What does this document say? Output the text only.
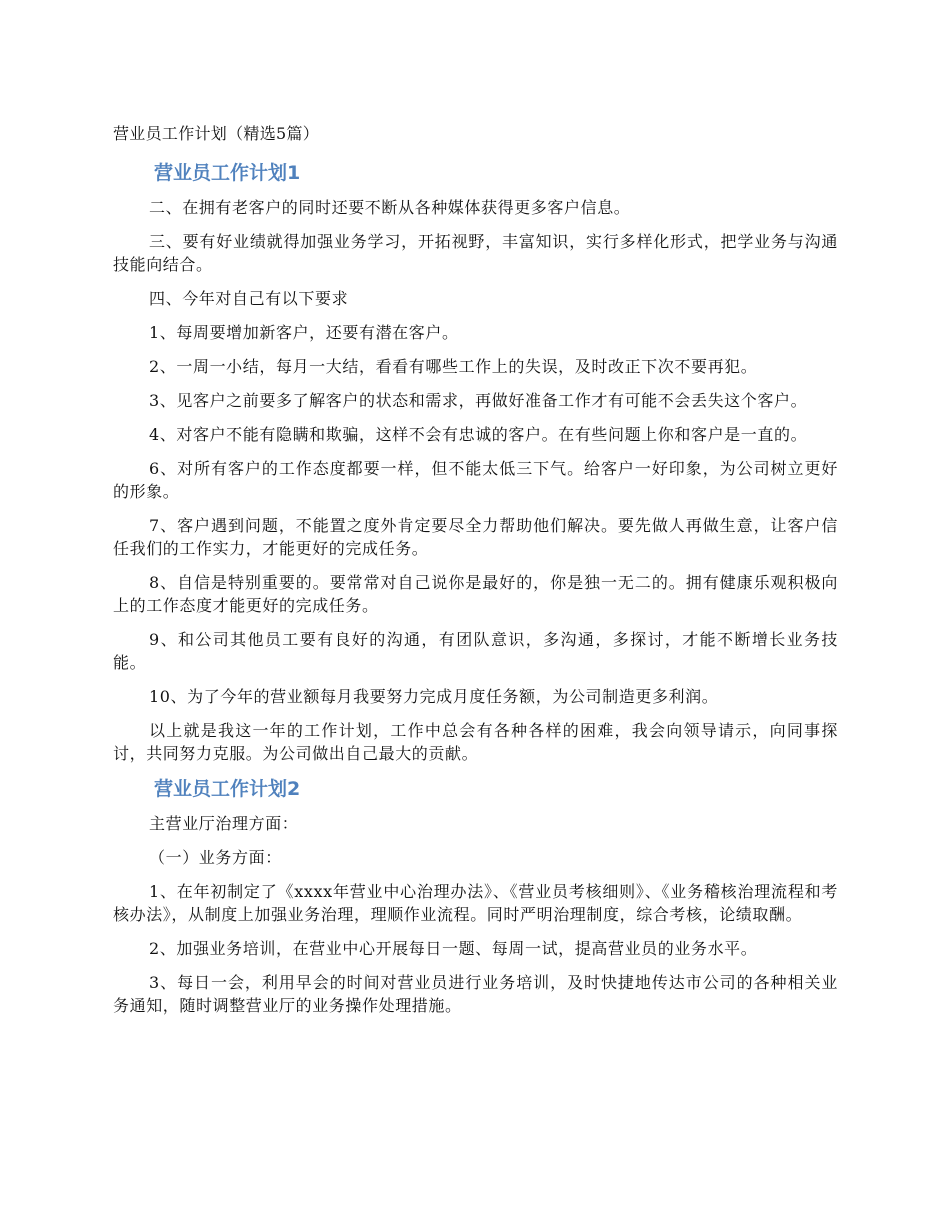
营业员工作计划（精选5篇）
营业员工作计划1
二、在拥有老客户的同时还要不断从各种媒体获得更多客户信息。
三、要有好业绩就得加强业务学习，开拓视野，丰富知识，实行多样化形式，把学业务与沟通技能向结合。
四、今年对自己有以下要求
1、每周要增加新客户，还要有潜在客户。
2、一周一小结，每月一大结，看看有哪些工作上的失误，及时改正下次不要再犯。
3、见客户之前要多了解客户的状态和需求，再做好准备工作才有可能不会丢失这个客户。
4、对客户不能有隐瞒和欺骗，这样不会有忠诚的客户。在有些问题上你和客户是一直的。
6、对所有客户的工作态度都要一样，但不能太低三下气。给客户一好印象，为公司树立更好的形象。
7、客户遇到问题，不能置之度外肯定要尽全力帮助他们解决。要先做人再做生意，让客户信任我们的工作实力，才能更好的完成任务。
8、自信是特别重要的。要常常对自己说你是最好的，你是独一无二的。拥有健康乐观积极向上的工作态度才能更好的完成任务。
9、和公司其他员工要有良好的沟通，有团队意识，多沟通，多探讨，才能不断增长业务技能。
10、为了今年的营业额每月我要努力完成月度任务额，为公司制造更多利润。
以上就是我这一年的工作计划，工作中总会有各种各样的困难，我会向领导请示，向同事探讨，共同努力克服。为公司做出自己最大的贡献。
营业员工作计划2
主营业厅治理方面：
（一）业务方面：
1、在年初制定了《xxxx年营业中心治理办法》、《营业员考核细则》、《业务稽核治理流程和考核办法》，从制度上加强业务治理，理顺作业流程。同时严明治理制度，综合考核，论绩取酬。
2、加强业务培训，在营业中心开展每日一题、每周一试，提高营业员的业务水平。
3、每日一会，利用早会的时间对营业员进行业务培训，及时快捷地传达市公司的各种相关业务通知，随时调整营业厅的业务操作处理措施。
